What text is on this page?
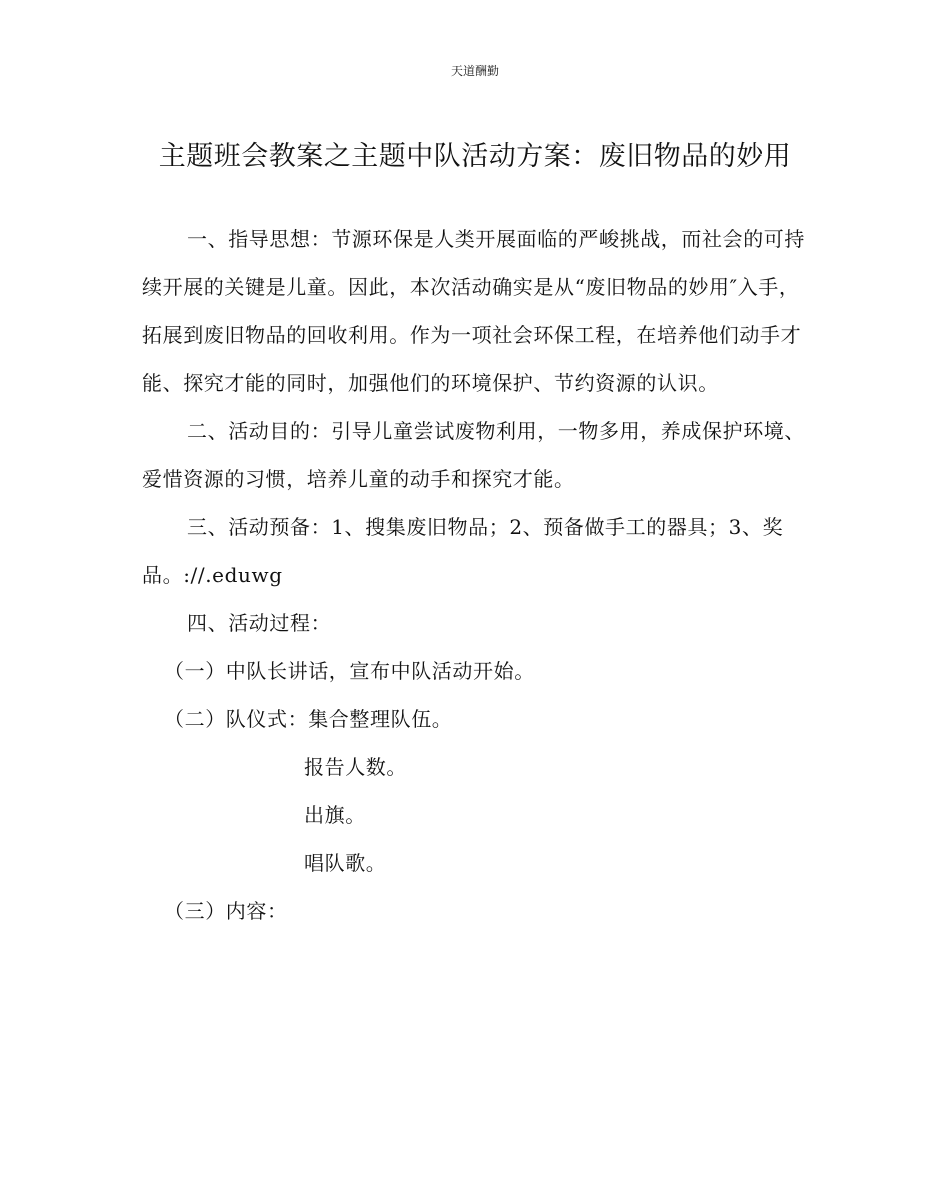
天道酬勤
主题班会教案之主题中队活动方案：废旧物品的妙用

一、指导思想：节源环保是人类开展面临的严峻挑战，而社会的可持续开展的关键是儿童。因此，本次活动确实是从“废旧物品的妙用″入手，拓展到废旧物品的回收利用。作为一项社会环保工程，在培养他们动手才能、探究才能的同时，加强他们的环境保护、节约资源的认识。

二、活动目的：引导儿童尝试废物利用，一物多用，养成保护环境、爱惜资源的习惯，培养儿童的动手和探究才能。

三、活动预备：1、搜集废旧物品；2、预备做手工的器具；3、奖品。://.eduwg

四、活动过程：

（一）中队长讲话，宣布中队活动开始。

（二）队仪式：集合整理队伍。

报告人数。

出旗。

唱队歌。

（三）内容：
